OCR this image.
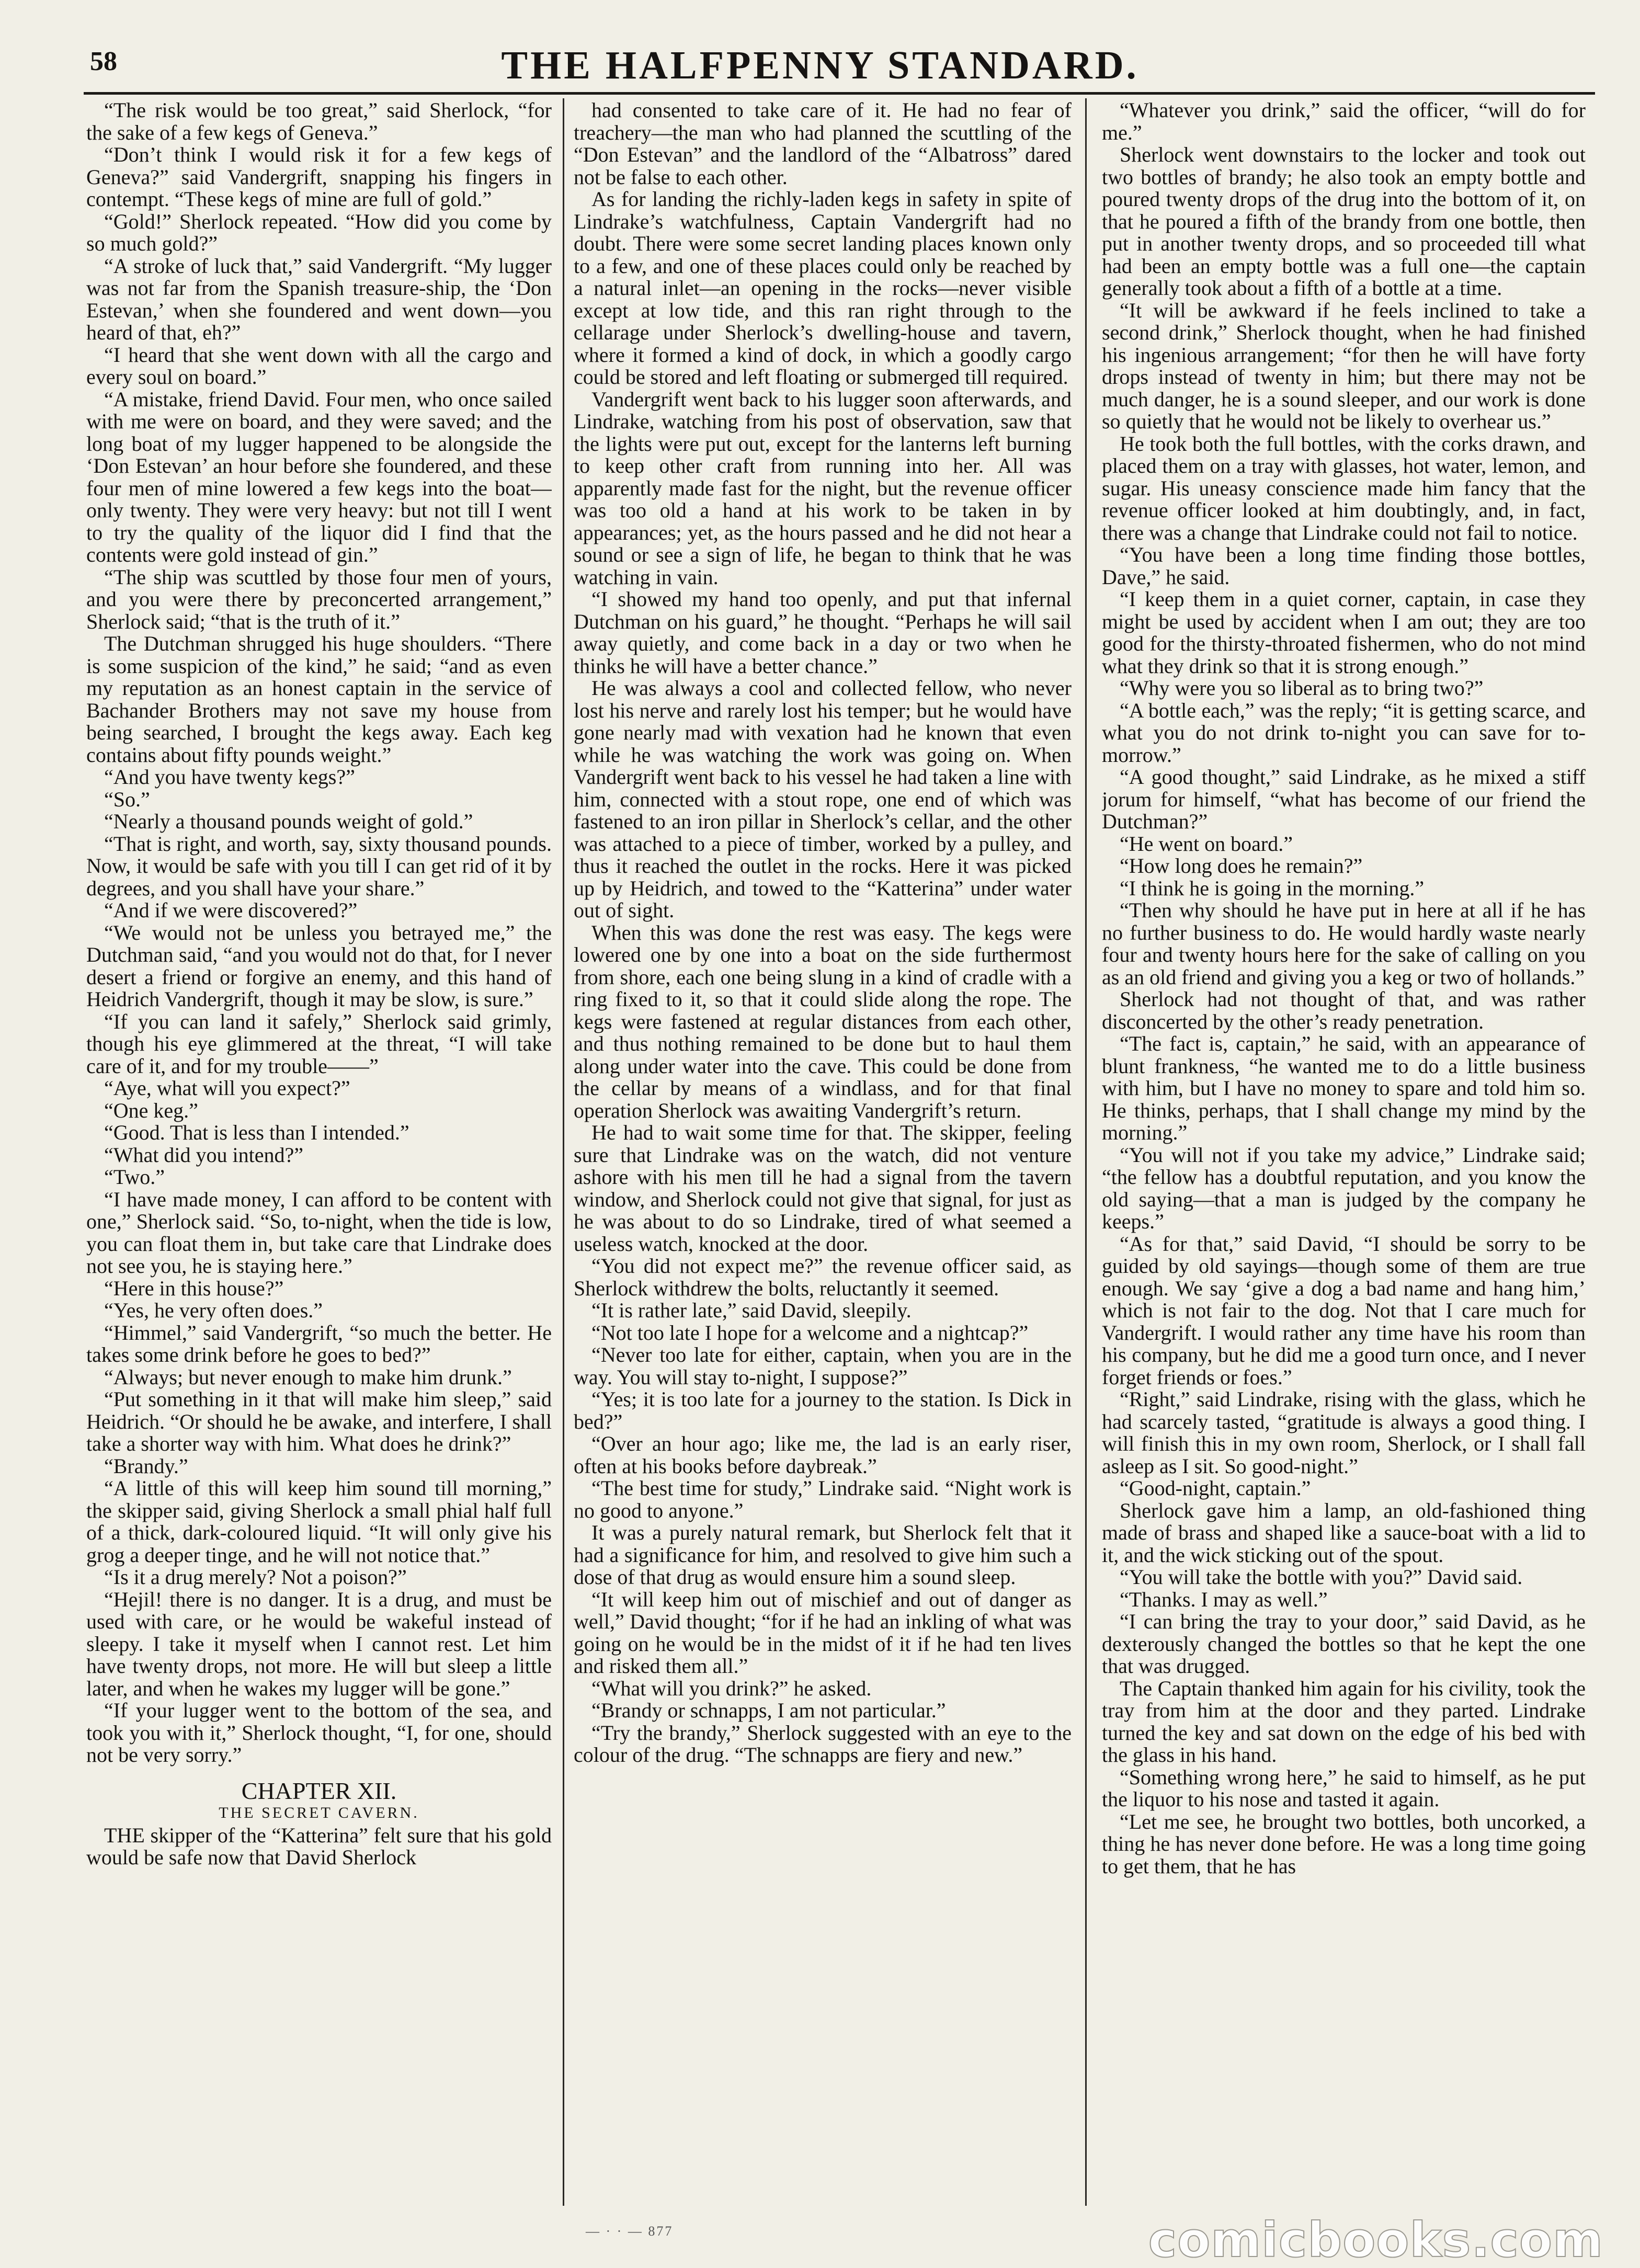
58	THE HALFPENNY STANDARD.

“The risk would be too great,” said Sherlock, “for the sake of a few kegs of Geneva.”

“Don’t think I would risk it for a few kegs of Geneva?” said Vandergrift, snapping his fingers in contempt. “These kegs of mine are full of gold.”

“Gold!” Sherlock repeated. “How did you come by so much gold?”

“A stroke of luck that,” said Vandergrift. “My lugger was not far from the Spanish treasure-ship, the ‘Don Estevan,’ when she foundered and went down—you heard of that, eh?”

“I heard that she went down with all the cargo and every soul on board.”

“A mistake, friend David. Four men, who once sailed with me were on board, and they were saved; and the long boat of my lugger happened to be alongside the ‘Don Estevan’ an hour before she foundered, and these four men of mine lowered a few kegs into the boat—only twenty. They were very heavy: but not till I went to try the quality of the liquor did I find that the contents were gold instead of gin.”

“The ship was scuttled by those four men of yours, and you were there by preconcerted arrangement,” Sherlock said; “that is the truth of it.”

The Dutchman shrugged his huge shoulders. “There is some suspicion of the kind,” he said; “and as even my reputation as an honest captain in the service of Bachander Brothers may not save my house from being searched, I brought the kegs away. Each keg contains about fifty pounds weight.”

“And you have twenty kegs?”

“So.”

“Nearly a thousand pounds weight of gold.”

“That is right, and worth, say, sixty thousand pounds. Now, it would be safe with you till I can get rid of it by degrees, and you shall have your share.”

“And if we were discovered?”

“We would not be unless you betrayed me,” the Dutchman said, “and you would not do that, for I never desert a friend or forgive an enemy, and this hand of Heidrich Vandergrift, though it may be slow, is sure.”

“If you can land it safely,” Sherlock said grimly, though his eye glimmered at the threat, “I will take care of it, and for my trouble——”

“Aye, what will you expect?”

“One keg.”

“Good. That is less than I intended.”

“What did you intend?”

“Two.”

“I have made money, I can afford to be content with one,” Sherlock said. “So, to-night, when the tide is low, you can float them in, but take care that Lindrake does not see you, he is staying here.”

“Here in this house?”

“Yes, he very often does.”

“Himmel,” said Vandergrift, “so much the better. He takes some drink before he goes to bed?”

“Always; but never enough to make him drunk.”

“Put something in it that will make him sleep,” said Heidrich. “Or should he be awake, and interfere, I shall take a shorter way with him. What does he drink?”

“Brandy.”

“A little of this will keep him sound till morning,” the skipper said, giving Sherlock a small phial half full of a thick, dark-coloured liquid. “It will only give his grog a deeper tinge, and he will not notice that.”

“Is it a drug merely? Not a poison?”

“Hejil! there is no danger. It is a drug, and must be used with care, or he would be wakeful instead of sleepy. I take it myself when I cannot rest. Let him have twenty drops, not more. He will but sleep a little later, and when he wakes my lugger will be gone.”

“If your lugger went to the bottom of the sea, and took you with it,” Sherlock thought, “I, for one, should not be very sorry.”

CHAPTER XII.

THE SECRET CAVERN.

THE skipper of the “Katterina” felt sure that his gold would be safe now that David Sherlock

had consented to take care of it. He had no fear of treachery—the man who had planned the scuttling of the “Don Estevan” and the landlord of the “Albatross” dared not be false to each other.

As for landing the richly-laden kegs in safety in spite of Lindrake’s watchfulness, Captain Vandergrift had no doubt. There were some secret landing places known only to a few, and one of these places could only be reached by a natural inlet—an opening in the rocks—never visible except at low tide, and this ran right through to the cellarage under Sherlock’s dwelling-house and tavern, where it formed a kind of dock, in which a goodly cargo could be stored and left floating or submerged till required.

Vandergrift went back to his lugger soon afterwards, and Lindrake, watching from his post of observation, saw that the lights were put out, except for the lanterns left burning to keep other craft from running into her. All was apparently made fast for the night, but the revenue officer was too old a hand at his work to be taken in by appearances; yet, as the hours passed and he did not hear a sound or see a sign of life, he began to think that he was watching in vain.

“I showed my hand too openly, and put that infernal Dutchman on his guard,” he thought. “Perhaps he will sail away quietly, and come back in a day or two when he thinks he will have a better chance.”

He was always a cool and collected fellow, who never lost his nerve and rarely lost his temper; but he would have gone nearly mad with vexation had he known that even while he was watching the work was going on. When Vandergrift went back to his vessel he had taken a line with him, connected with a stout rope, one end of which was fastened to an iron pillar in Sherlock’s cellar, and the other was attached to a piece of timber, worked by a pulley, and thus it reached the outlet in the rocks. Here it was picked up by Heidrich, and towed to the “Katterina” under water out of sight.

When this was done the rest was easy. The kegs were lowered one by one into a boat on the side furthermost from shore, each one being slung in a kind of cradle with a ring fixed to it, so that it could slide along the rope. The kegs were fastened at regular distances from each other, and thus nothing remained to be done but to haul them along under water into the cave. This could be done from the cellar by means of a windlass, and for that final operation Sherlock was awaiting Vandergrift’s return.

He had to wait some time for that. The skipper, feeling sure that Lindrake was on the watch, did not venture ashore with his men till he had a signal from the tavern window, and Sherlock could not give that signal, for just as he was about to do so Lindrake, tired of what seemed a useless watch, knocked at the door.

“You did not expect me?” the revenue officer said, as Sherlock withdrew the bolts, reluctantly it seemed.

“It is rather late,” said David, sleepily.

“Not too late I hope for a welcome and a nightcap?”

“Never too late for either, captain, when you are in the way. You will stay to-night, I suppose?”

“Yes; it is too late for a journey to the station. Is Dick in bed?”

“Over an hour ago; like me, the lad is an early riser, often at his books before daybreak.”

“The best time for study,” Lindrake said. “Night work is no good to anyone.”

It was a purely natural remark, but Sherlock felt that it had a significance for him, and resolved to give him such a dose of that drug as would ensure him a sound sleep.

“It will keep him out of mischief and out of danger as well,” David thought; “for if he had an inkling of what was going on he would be in the midst of it if he had ten lives and risked them all.”

“What will you drink?” he asked.

“Brandy or schnapps, I am not particular.”

“Try the brandy,” Sherlock suggested with an eye to the colour of the drug. “The schnapps are fiery and new.”

“Whatever you drink,” said the officer, “will do for me.”

Sherlock went downstairs to the locker and took out two bottles of brandy; he also took an empty bottle and poured twenty drops of the drug into the bottom of it, on that he poured a fifth of the brandy from one bottle, then put in another twenty drops, and so proceeded till what had been an empty bottle was a full one—the captain generally took about a fifth of a bottle at a time.

“It will be awkward if he feels inclined to take a second drink,” Sherlock thought, when he had finished his ingenious arrangement; “for then he will have forty drops instead of twenty in him; but there may not be much danger, he is a sound sleeper, and our work is done so quietly that he would not be likely to overhear us.”

He took both the full bottles, with the corks drawn, and placed them on a tray with glasses, hot water, lemon, and sugar. His uneasy conscience made him fancy that the revenue officer looked at him doubtingly, and, in fact, there was a change that Lindrake could not fail to notice.

“You have been a long time finding those bottles, Dave,” he said.

“I keep them in a quiet corner, captain, in case they might be used by accident when I am out; they are too good for the thirsty-throated fishermen, who do not mind what they drink so that it is strong enough.”

“Why were you so liberal as to bring two?”

“A bottle each,” was the reply; “it is getting scarce, and what you do not drink to-night you can save for to-morrow.”

“A good thought,” said Lindrake, as he mixed a stiff jorum for himself, “what has become of our friend the Dutchman?”

“He went on board.”

“How long does he remain?”

“I think he is going in the morning.”

“Then why should he have put in here at all if he has no further business to do. He would hardly waste nearly four and twenty hours here for the sake of calling on you as an old friend and giving you a keg or two of hollands.”

Sherlock had not thought of that, and was rather disconcerted by the other’s ready penetration.

“The fact is, captain,” he said, with an appearance of blunt frankness, “he wanted me to do a little business with him, but I have no money to spare and told him so. He thinks, perhaps, that I shall change my mind by the morning.”

“You will not if you take my advice,” Lindrake said; “the fellow has a doubtful reputation, and you know the old saying—that a man is judged by the company he keeps.”

“As for that,” said David, “I should be sorry to be guided by old sayings—though some of them are true enough. We say ‘give a dog a bad name and hang him,’ which is not fair to the dog. Not that I care much for Vandergrift. I would rather any time have his room than his company, but he did me a good turn once, and I never forget friends or foes.”

“Right,” said Lindrake, rising with the glass, which he had scarcely tasted, “gratitude is always a good thing. I will finish this in my own room, Sherlock, or I shall fall asleep as I sit. So good-night.”

“Good-night, captain.”

Sherlock gave him a lamp, an old-fashioned thing made of brass and shaped like a sauce-boat with a lid to it, and the wick sticking out of the spout.

“You will take the bottle with you?” David said.

“Thanks. I may as well.”

“I can bring the tray to your door,” said David, as he dexterously changed the bottles so that he kept the one that was drugged.

The Captain thanked him again for his civility, took the tray from him at the door and they parted. Lindrake turned the key and sat down on the edge of his bed with the glass in his hand.

“Something wrong here,” he said to himself, as he put the liquor to his nose and tasted it again.

“Let me see, he brought two bottles, both uncorked, a thing he has never done before. He was a long time going to get them, that he has

— · · — 877	comicbooks.com
